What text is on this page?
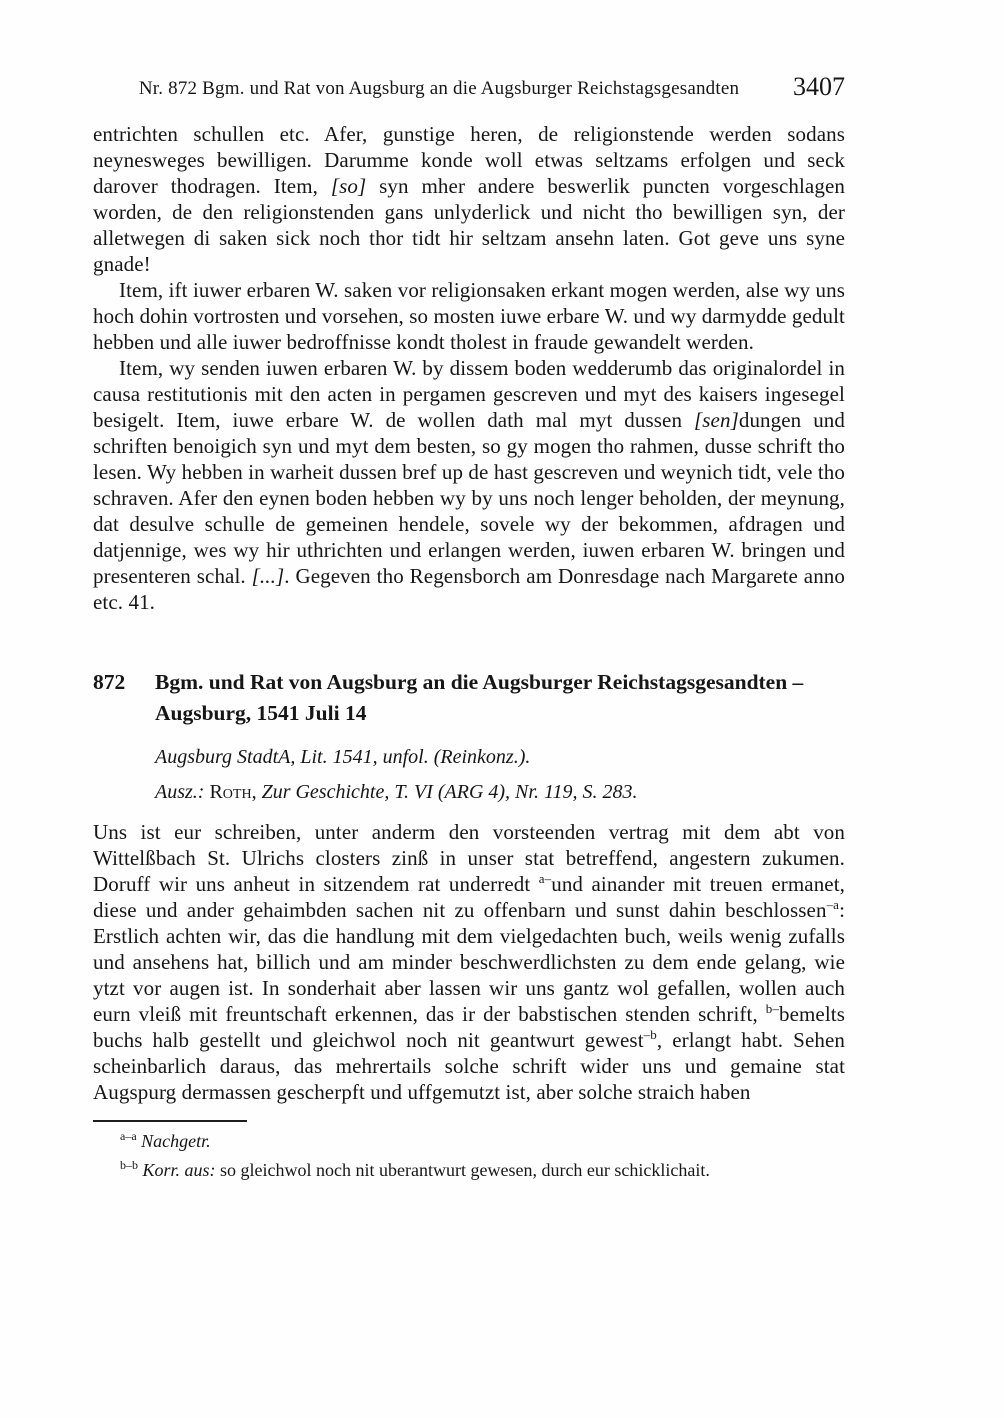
Nr. 872 Bgm. und Rat von Augsburg an die Augsburger Reichstagsgesandten	3407

entrichten schullen etc. Afer, gunstige heren, de religionstende werden sodans neynesweges bewilligen. Darumme konde woll etwas seltzams erfolgen und seck darover thodragen. Item, [so] syn mher andere beswerlik puncten vorgeschlagen worden, de den religionstenden gans unlyderlick und nicht tho bewilligen syn, der alletwegen di saken sick noch thor tidt hir seltzam ansehn laten. Got geve uns syne gnade!

Item, ift iuwer erbaren W. saken vor religionsaken erkant mogen werden, alse wy uns hoch dohin vortrosten und vorsehen, so mosten iuwe erbare W. und wy darmydde gedult hebben und alle iuwer bedroffnisse kondt tholest in fraude gewandelt werden.

Item, wy senden iuwen erbaren W. by dissem boden wedderumb das originalordel in causa restitutionis mit den acten in pergamen gescreven und myt des kaisers ingesegel besigelt. Item, iuwe erbare W. de wollen dath mal myt dussen [sen]dungen und schriften benoigich syn und myt dem besten, so gy mogen tho rahmen, dusse schrift tho lesen. Wy hebben in warheit dussen bref up de hast gescreven und weynich tidt, vele tho schraven. Afer den eynen boden hebben wy by uns noch lenger beholden, der meynung, dat desulve schulle de gemeinen hendele, sovele wy der bekommen, afdragen und datjennige, wes wy hir uthrichten und erlangen werden, iuwen erbaren W. bringen und presenteren schal. [...]. Gegeven tho Regensborch am Donresdage nach Margarete anno etc. 41.

872	Bgm. und Rat von Augsburg an die Augsburger Reichstagsgesandten –
Augsburg, 1541 Juli 14

Augsburg StadtA, Lit. 1541, unfol. (Reinkonz.).

Ausz.: Roth, Zur Geschichte, T. VI (ARG 4), Nr. 119, S. 283.

Uns ist eur schreiben, unter anderm den vorsteenden vertrag mit dem abt von Wittelßbach St. Ulrichs closters zinß in unser stat betreffend, angestern zukumen. Doruff wir uns anheut in sitzendem rat underredt $^{a-}$und ainander mit treuen ermanet, diese und ander gehaimbden sachen nit zu offenbarn und sunst dahin beschlossen$^{-a}$: Erstlich achten wir, das die handlung mit dem vielgedachten buch, weils wenig zufalls und ansehens hat, billich und am minder beschwerdlichsten zu dem ende gelang, wie ytzt vor augen ist. In sonderhait aber lassen wir uns gantz wol gefallen, wollen auch eurn vleiß mit freuntschaft erkennen, das ir der babstischen stenden schrift, $^{b-}$bemelts buchs halb gestellt und gleichwol noch nit geantwurt gewest$^{-b}$, erlangt habt. Sehen scheinbarlich daraus, das mehrertails solche schrift wider uns und gemaine stat Augspurg dermassen gescherpft und uffgemutzt ist, aber solche straich haben

$^{a-a}$ Nachgetr.

$^{b-b}$ Korr. aus: so gleichwol noch nit uberantwurt gewesen, durch eur schicklichait.
